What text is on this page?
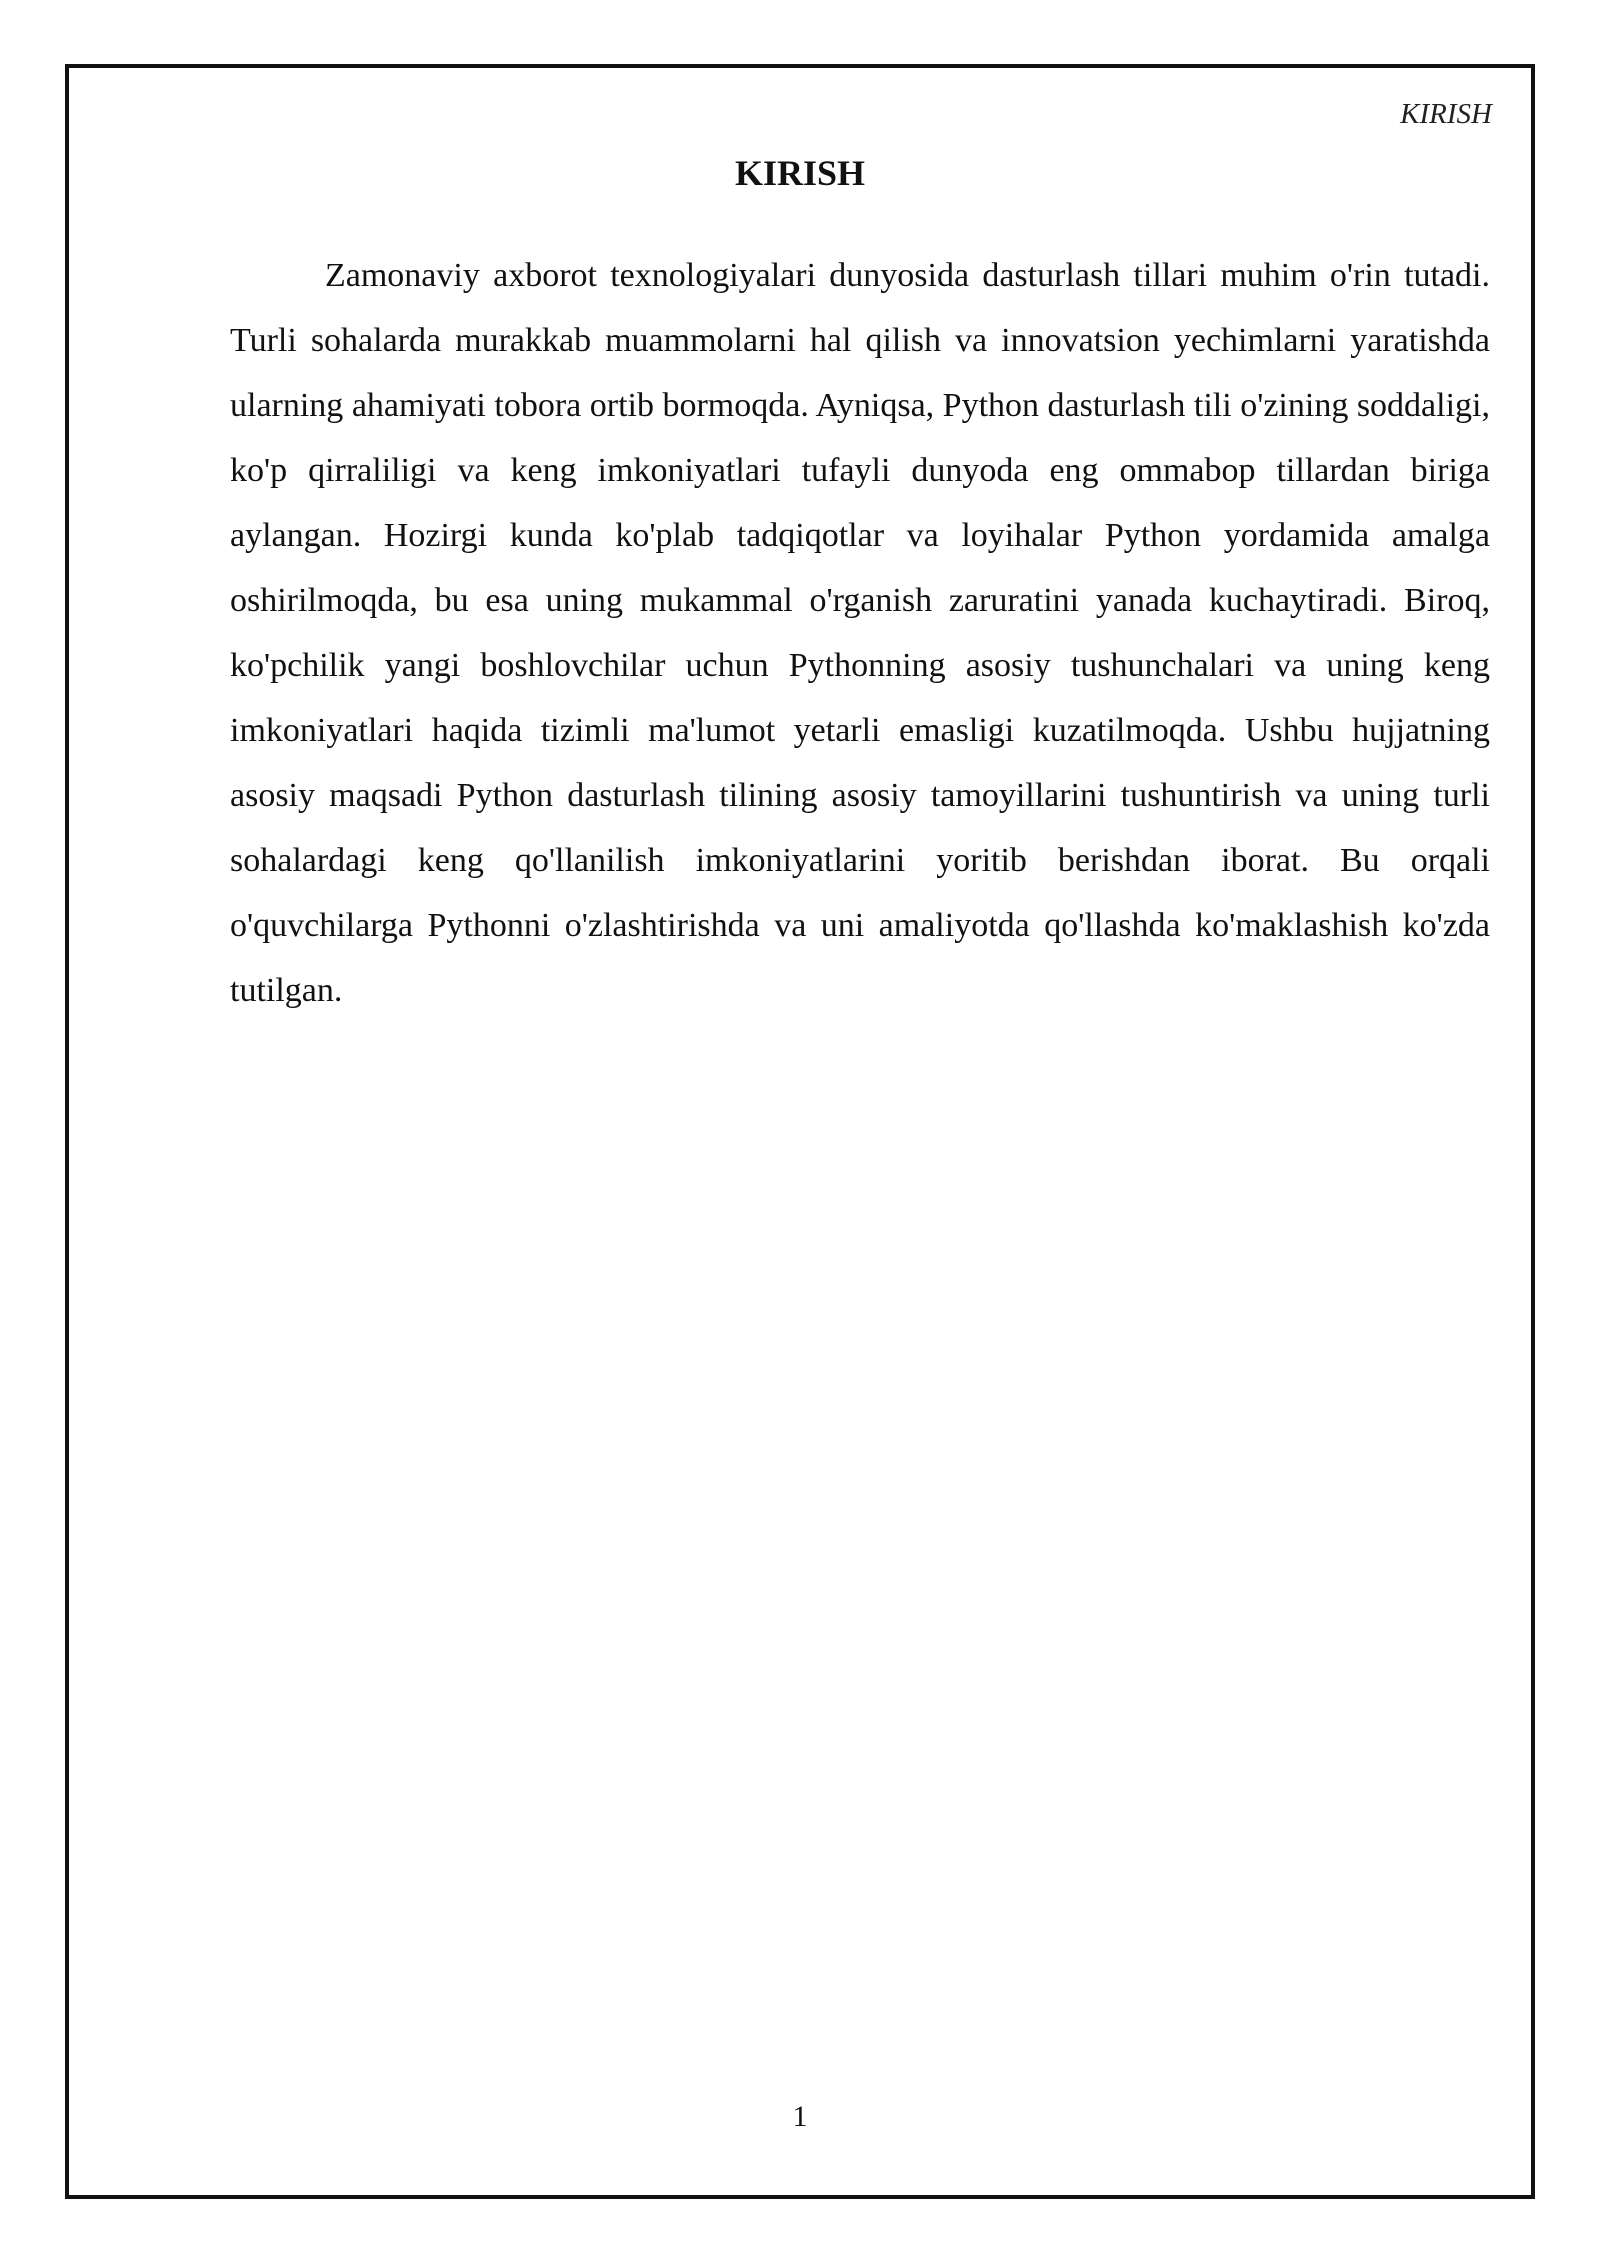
KIRISH
KIRISH

Zamonaviy axborot texnologiyalari dunyosida dasturlash tillari muhim o'rin tutadi. Turli sohalarda murakkab muammolarni hal qilish va innovatsion yechimlarni yaratishda ularning ahamiyati tobora ortib bormoqda. Ayniqsa, Python dasturlash tili o'zining soddaligi, ko'p qirraliligi va keng imkoniyatlari tufayli dunyoda eng ommabop tillardan biriga aylangan. Hozirgi kunda ko'plab tadqiqotlar va loyihalar Python yordamida amalga oshirilmoqda, bu esa uning mukammal o'rganish zaruratini yanada kuchaytiradi. Biroq, ko'pchilik yangi boshlovchilar uchun Pythonning asosiy tushunchalari va uning keng imkoniyatlari haqida tizimli ma'lumot yetarli emasligi kuzatilmoqda. Ushbu hujjatning asosiy maqsadi Python dasturlash tilining asosiy tamoyillarini tushuntirish va uning turli sohalardagi keng qo'llanilish imkoniyatlarini yoritib berishdan iborat. Bu orqali o'quvchilarga Pythonni o'zlashtirishda va uni amaliyotda qo'llashda ko'maklashish ko'zda tutilgan.

1
